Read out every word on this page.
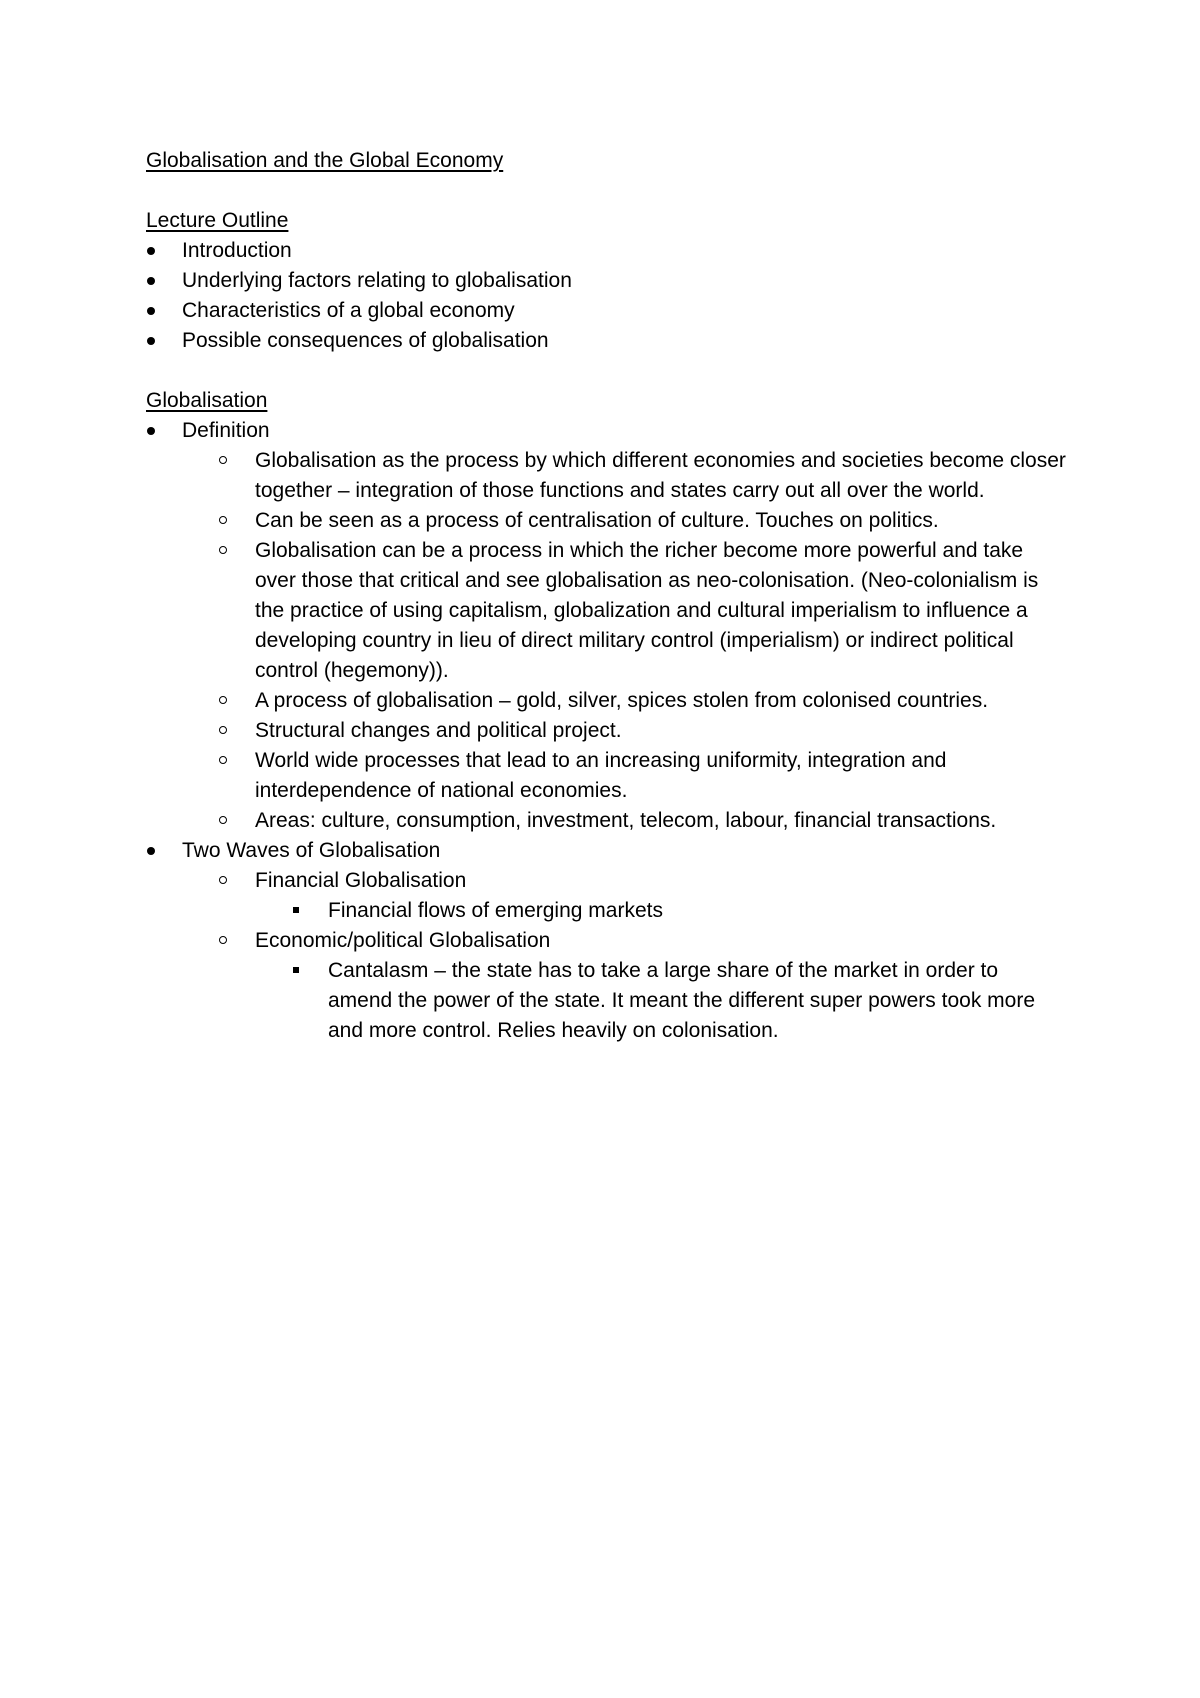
Globalisation and the Global Economy

Lecture Outline

Introduction
Underlying factors relating to globalisation
Characteristics of a global economy
Possible consequences of globalisation

Globalisation

Definition
Globalisation as the process by which different economies and societies become closer together – integration of those functions and states carry out all over the world.
Can be seen as a process of centralisation of culture. Touches on politics.
Globalisation can be a process in which the richer become more powerful and take over those that critical and see globalisation as neo-colonisation. (Neo-colonialism is the practice of using capitalism, globalization and cultural imperialism to influence a developing country in lieu of direct military control (imperialism) or indirect political control (hegemony)).
A process of globalisation – gold, silver, spices stolen from colonised countries.
Structural changes and political project.
World wide processes that lead to an increasing uniformity, integration and interdependence of national economies.
Areas: culture, consumption, investment, telecom, labour, financial transactions.
Two Waves of Globalisation
Financial Globalisation
Financial flows of emerging markets
Economic/political Globalisation
Cantalasm – the state has to take a large share of the market in order to amend the power of the state. It meant the different super powers took more and more control. Relies heavily on colonisation.
